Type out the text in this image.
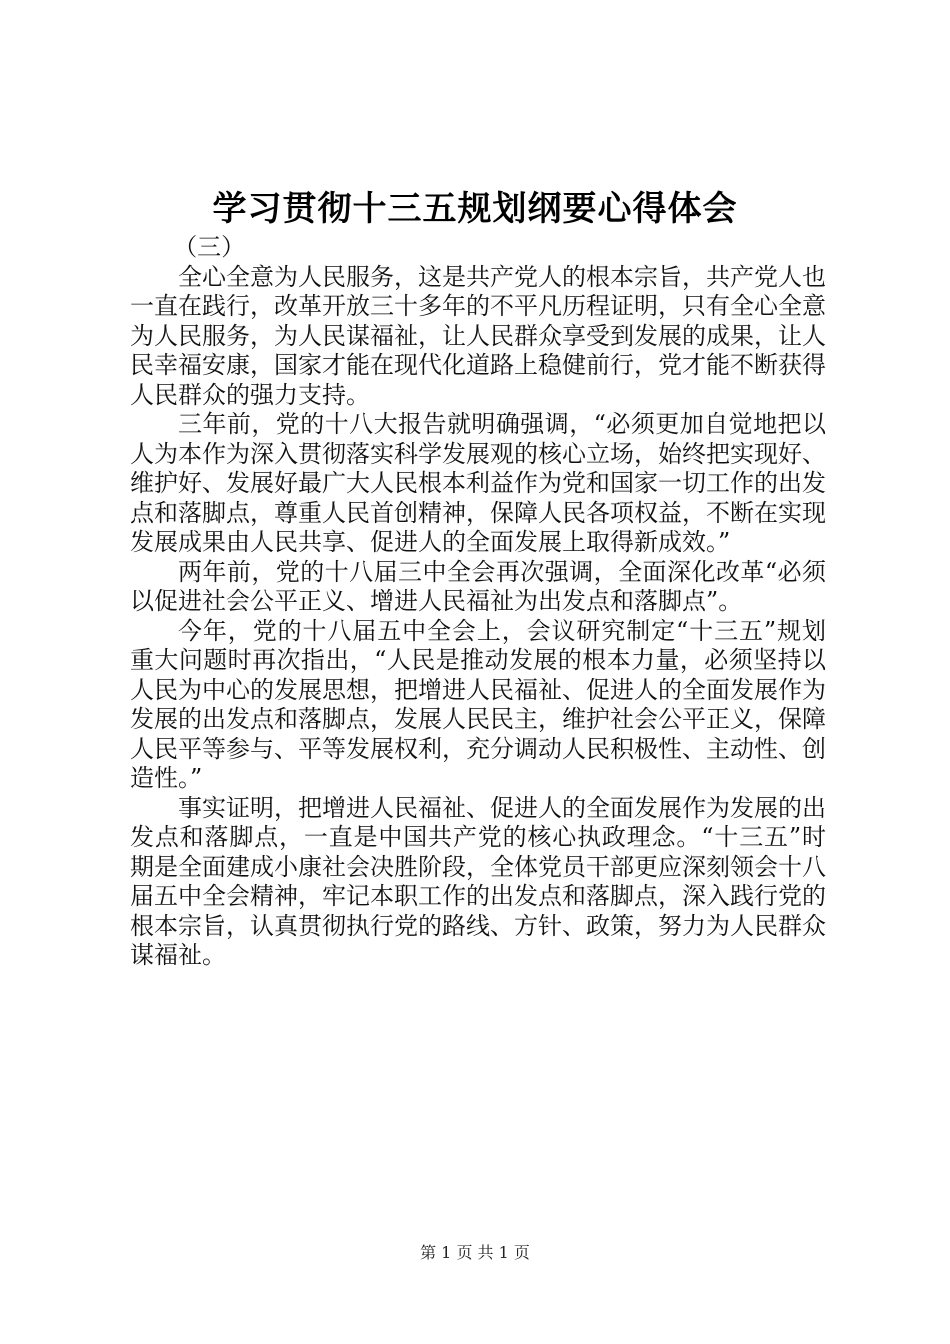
学习贯彻十三五规划纲要心得体会

（三）

全心全意为人民服务，这是共产党人的根本宗旨，共产党人也一直在践行，改革开放三十多年的不平凡历程证明，只有全心全意为人民服务，为人民谋福祉，让人民群众享受到发展的成果，让人民幸福安康，国家才能在现代化道路上稳健前行，党才能不断获得人民群众的强力支持。

三年前，党的十八大报告就明确强调，“必须更加自觉地把以人为本作为深入贯彻落实科学发展观的核心立场，始终把实现好、维护好、发展好最广大人民根本利益作为党和国家一切工作的出发点和落脚点，尊重人民首创精神，保障人民各项权益，不断在实现发展成果由人民共享、促进人的全面发展上取得新成效。”

两年前，党的十八届三中全会再次强调，全面深化改革“必须以促进社会公平正义、增进人民福祉为出发点和落脚点”。

今年，党的十八届五中全会上，会议研究制定“十三五”规划重大问题时再次指出，“人民是推动发展的根本力量，必须坚持以人民为中心的发展思想，把增进人民福祉、促进人的全面发展作为发展的出发点和落脚点，发展人民民主，维护社会公平正义，保障人民平等参与、平等发展权利，充分调动人民积极性、主动性、创造性。”

事实证明，把增进人民福祉、促进人的全面发展作为发展的出发点和落脚点，一直是中国共产党的核心执政理念。“十三五”时期是全面建成小康社会决胜阶段，全体党员干部更应深刻领会十八届五中全会精神，牢记本职工作的出发点和落脚点，深入践行党的根本宗旨，认真贯彻执行党的路线、方针、政策，努力为人民群众谋福祉。

第 1 页 共 1 页
